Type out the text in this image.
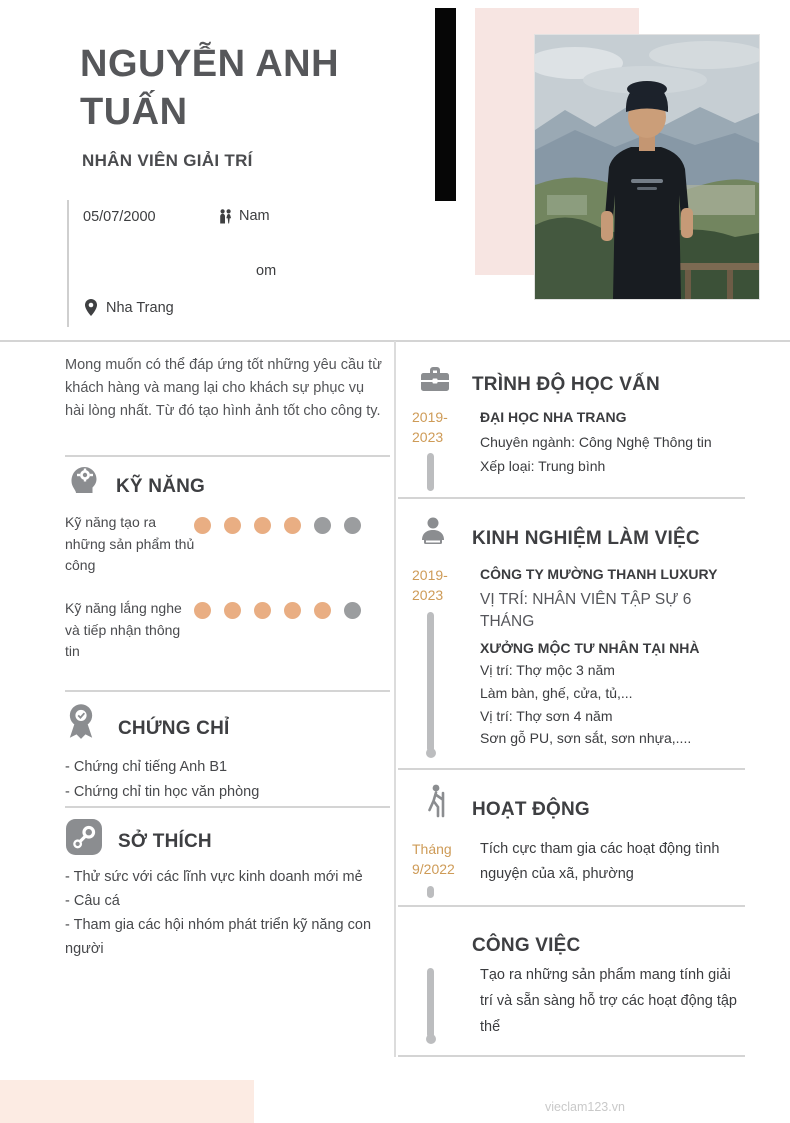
NGUYỄN ANH TUẤN
NHÂN VIÊN GIẢI TRÍ
05/07/2000	Nam
om
Nha Trang
Mong muốn có thể đáp ứng tốt những yêu cầu từ khách hàng và mang lại cho khách sự phục vụ hài lòng nhất. Từ đó tạo hình ảnh tốt cho công ty.
KỸ NĂNG
Kỹ năng tạo ra những sản phẩm thủ công
Kỹ năng lắng nghe và tiếp nhận thông tin
CHỨNG CHỈ
- Chứng chỉ tiếng Anh B1
- Chứng chỉ tin học văn phòng
SỞ THÍCH
- Thử sức với các lĩnh vực kinh doanh mới mẻ
- Câu cá
- Tham gia các hội nhóm phát triển kỹ năng con người
TRÌNH ĐỘ HỌC VẤN
2019-
2023
ĐẠI HỌC NHA TRANG
Chuyên ngành: Công Nghệ Thông tin
Xếp loại: Trung bình
KINH NGHIỆM LÀM VIỆC
2019-
2023
CÔNG TY MƯỜNG THANH LUXURY
VỊ TRÍ: NHÂN VIÊN TẬP SỰ 6 THÁNG
XƯỞNG MỘC TƯ NHÂN TẠI NHÀ
Vị trí: Thợ mộc 3 năm
Làm bàn, ghế, cửa, tủ,...
Vị trí: Thợ sơn 4 năm
Sơn gỗ PU, sơn sắt, sơn nhựa,....
HOẠT ĐỘNG
Tháng
9/2022
Tích cực tham gia các hoạt động tình nguyện của xã, phường
CÔNG VIỆC
Tạo ra những sản phẩm mang tính giải trí và sẵn sàng hỗ trợ các hoạt động tập thể
vieclam123.vn
